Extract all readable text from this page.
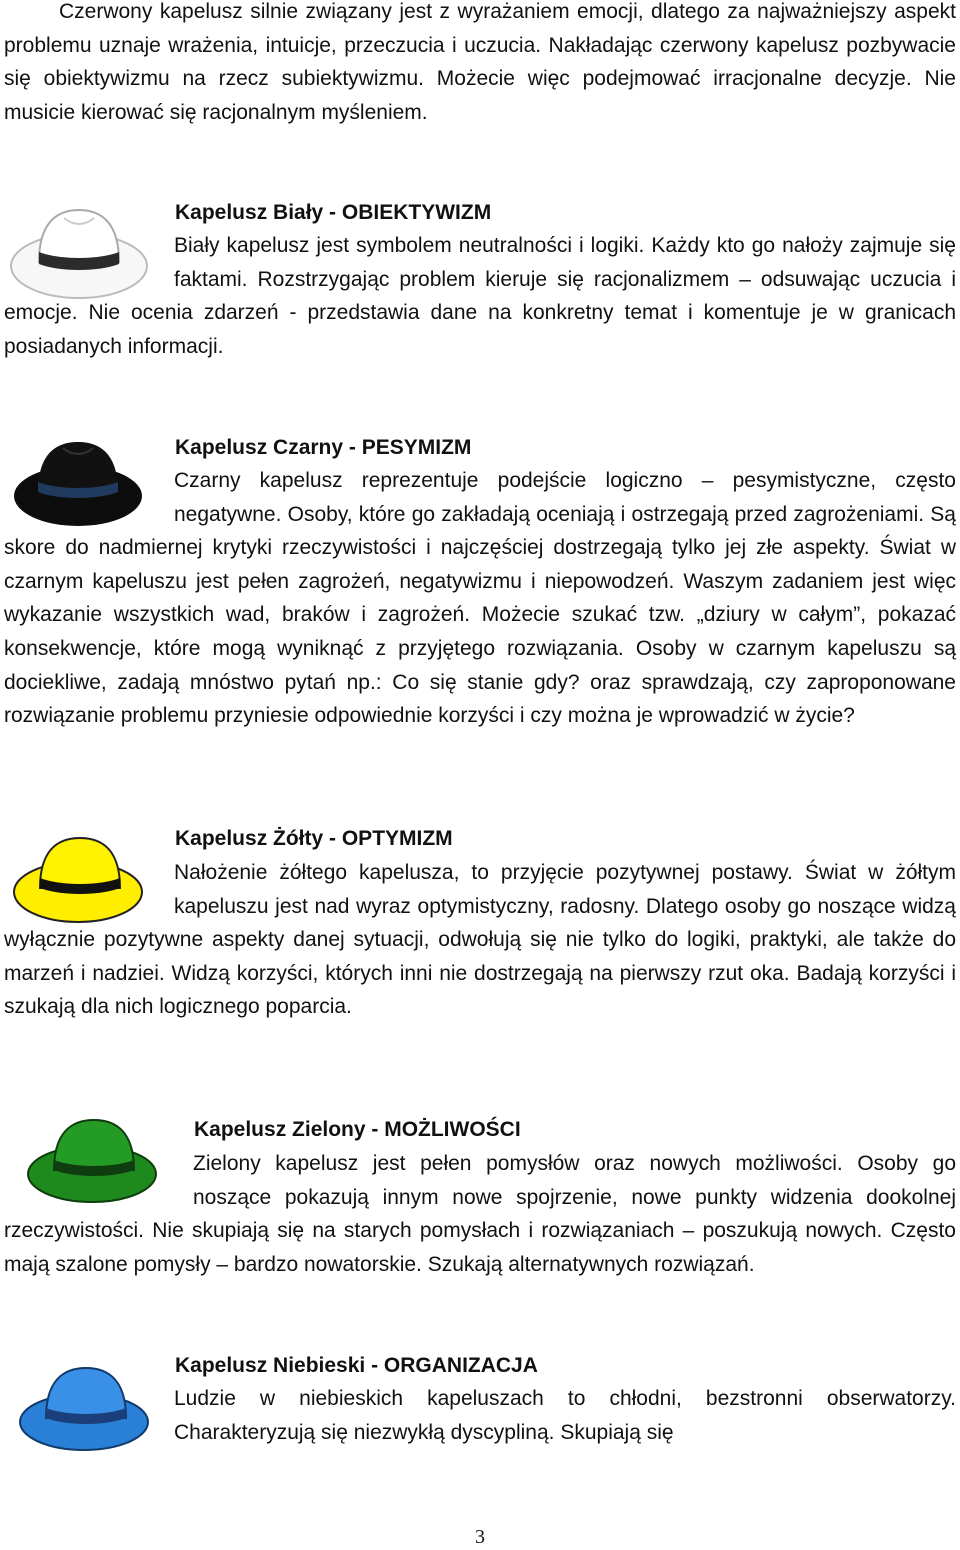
Czerwony kapelusz silnie związany jest z wyrażaniem emocji, dlatego za najważniejszy aspekt problemu uznaje wrażenia, intuicje, przeczucia i uczucia. Nakładając czerwony kapelusz pozbywacie się obiektywizmu na rzecz subiektywizmu. Możecie więc podejmować irracjonalne decyzje. Nie musicie kierować się racjonalnym myśleniem.

Kapelusz Biały - OBIEKTYWIZM

Biały kapelusz jest symbolem neutralności i logiki. Każdy kto go nałoży zajmuje się faktami. Rozstrzygając problem kieruje się racjonalizmem – odsuwając uczucia i emocje. Nie ocenia zdarzeń - przedstawia dane na konkretny temat i komentuje je w granicach posiadanych informacji.

Kapelusz Czarny - PESYMIZM

Kapelusz Żółty - OPTYMIZM

Kapelusz Zielony - MOŻLIWOŚCI

Kapelusz Niebieski - ORGANIZACJA

Czarny kapelusz reprezentuje podejście logiczno – pesymistyczne, często negatywne. Osoby, które go zakładają oceniają i ostrzegają przed zagrożeniami. Są skore do nadmiernej krytyki rzeczywistości i najczęściej dostrzegają tylko jej złe aspekty. Świat w czarnym kapeluszu jest pełen zagrożeń, negatywizmu i niepowodzeń. Waszym zadaniem jest więc wykazanie wszystkich wad, braków i zagrożeń. Możecie szukać tzw. „dziury w całym”, pokazać konsekwencje, które mogą wyniknąć z przyjętego rozwiązania. Osoby w czarnym kapeluszu są dociekliwe, zadają mnóstwo pytań np.: Co się stanie gdy? oraz sprawdzają, czy zaproponowane rozwiązanie problemu przyniesie odpowiednie korzyści i czy można je wprowadzić w życie?
Nałożenie żółtego kapelusza, to przyjęcie pozytywnej postawy. Świat w żółtym kapeluszu jest nad wyraz optymistyczny, radosny. Dlatego osoby go noszące widzą wyłącznie pozytywne aspekty danej sytuacji, odwołują się nie tylko do logiki, praktyki, ale także do marzeń i nadziei. Widzą korzyści, których inni nie dostrzegają na pierwszy rzut oka. Badają korzyści i szukają dla nich logicznego poparcia.
Zielony kapelusz jest pełen pomysłów oraz nowych możliwości. Osoby go noszące pokazują innym nowe spojrzenie, nowe punkty widzenia dookolnej rzeczywistości. Nie skupiają się na starych pomysłach i rozwiązaniach – poszukują nowych. Często mają szalone pomysły – bardzo nowatorskie. Szukają alternatywnych rozwiązań.
Ludzie w niebieskich kapeluszach to chłodni, bezstronni obserwatorzy. Charakteryzują się niezwykłą dyscypliną. Skupiają się
3
